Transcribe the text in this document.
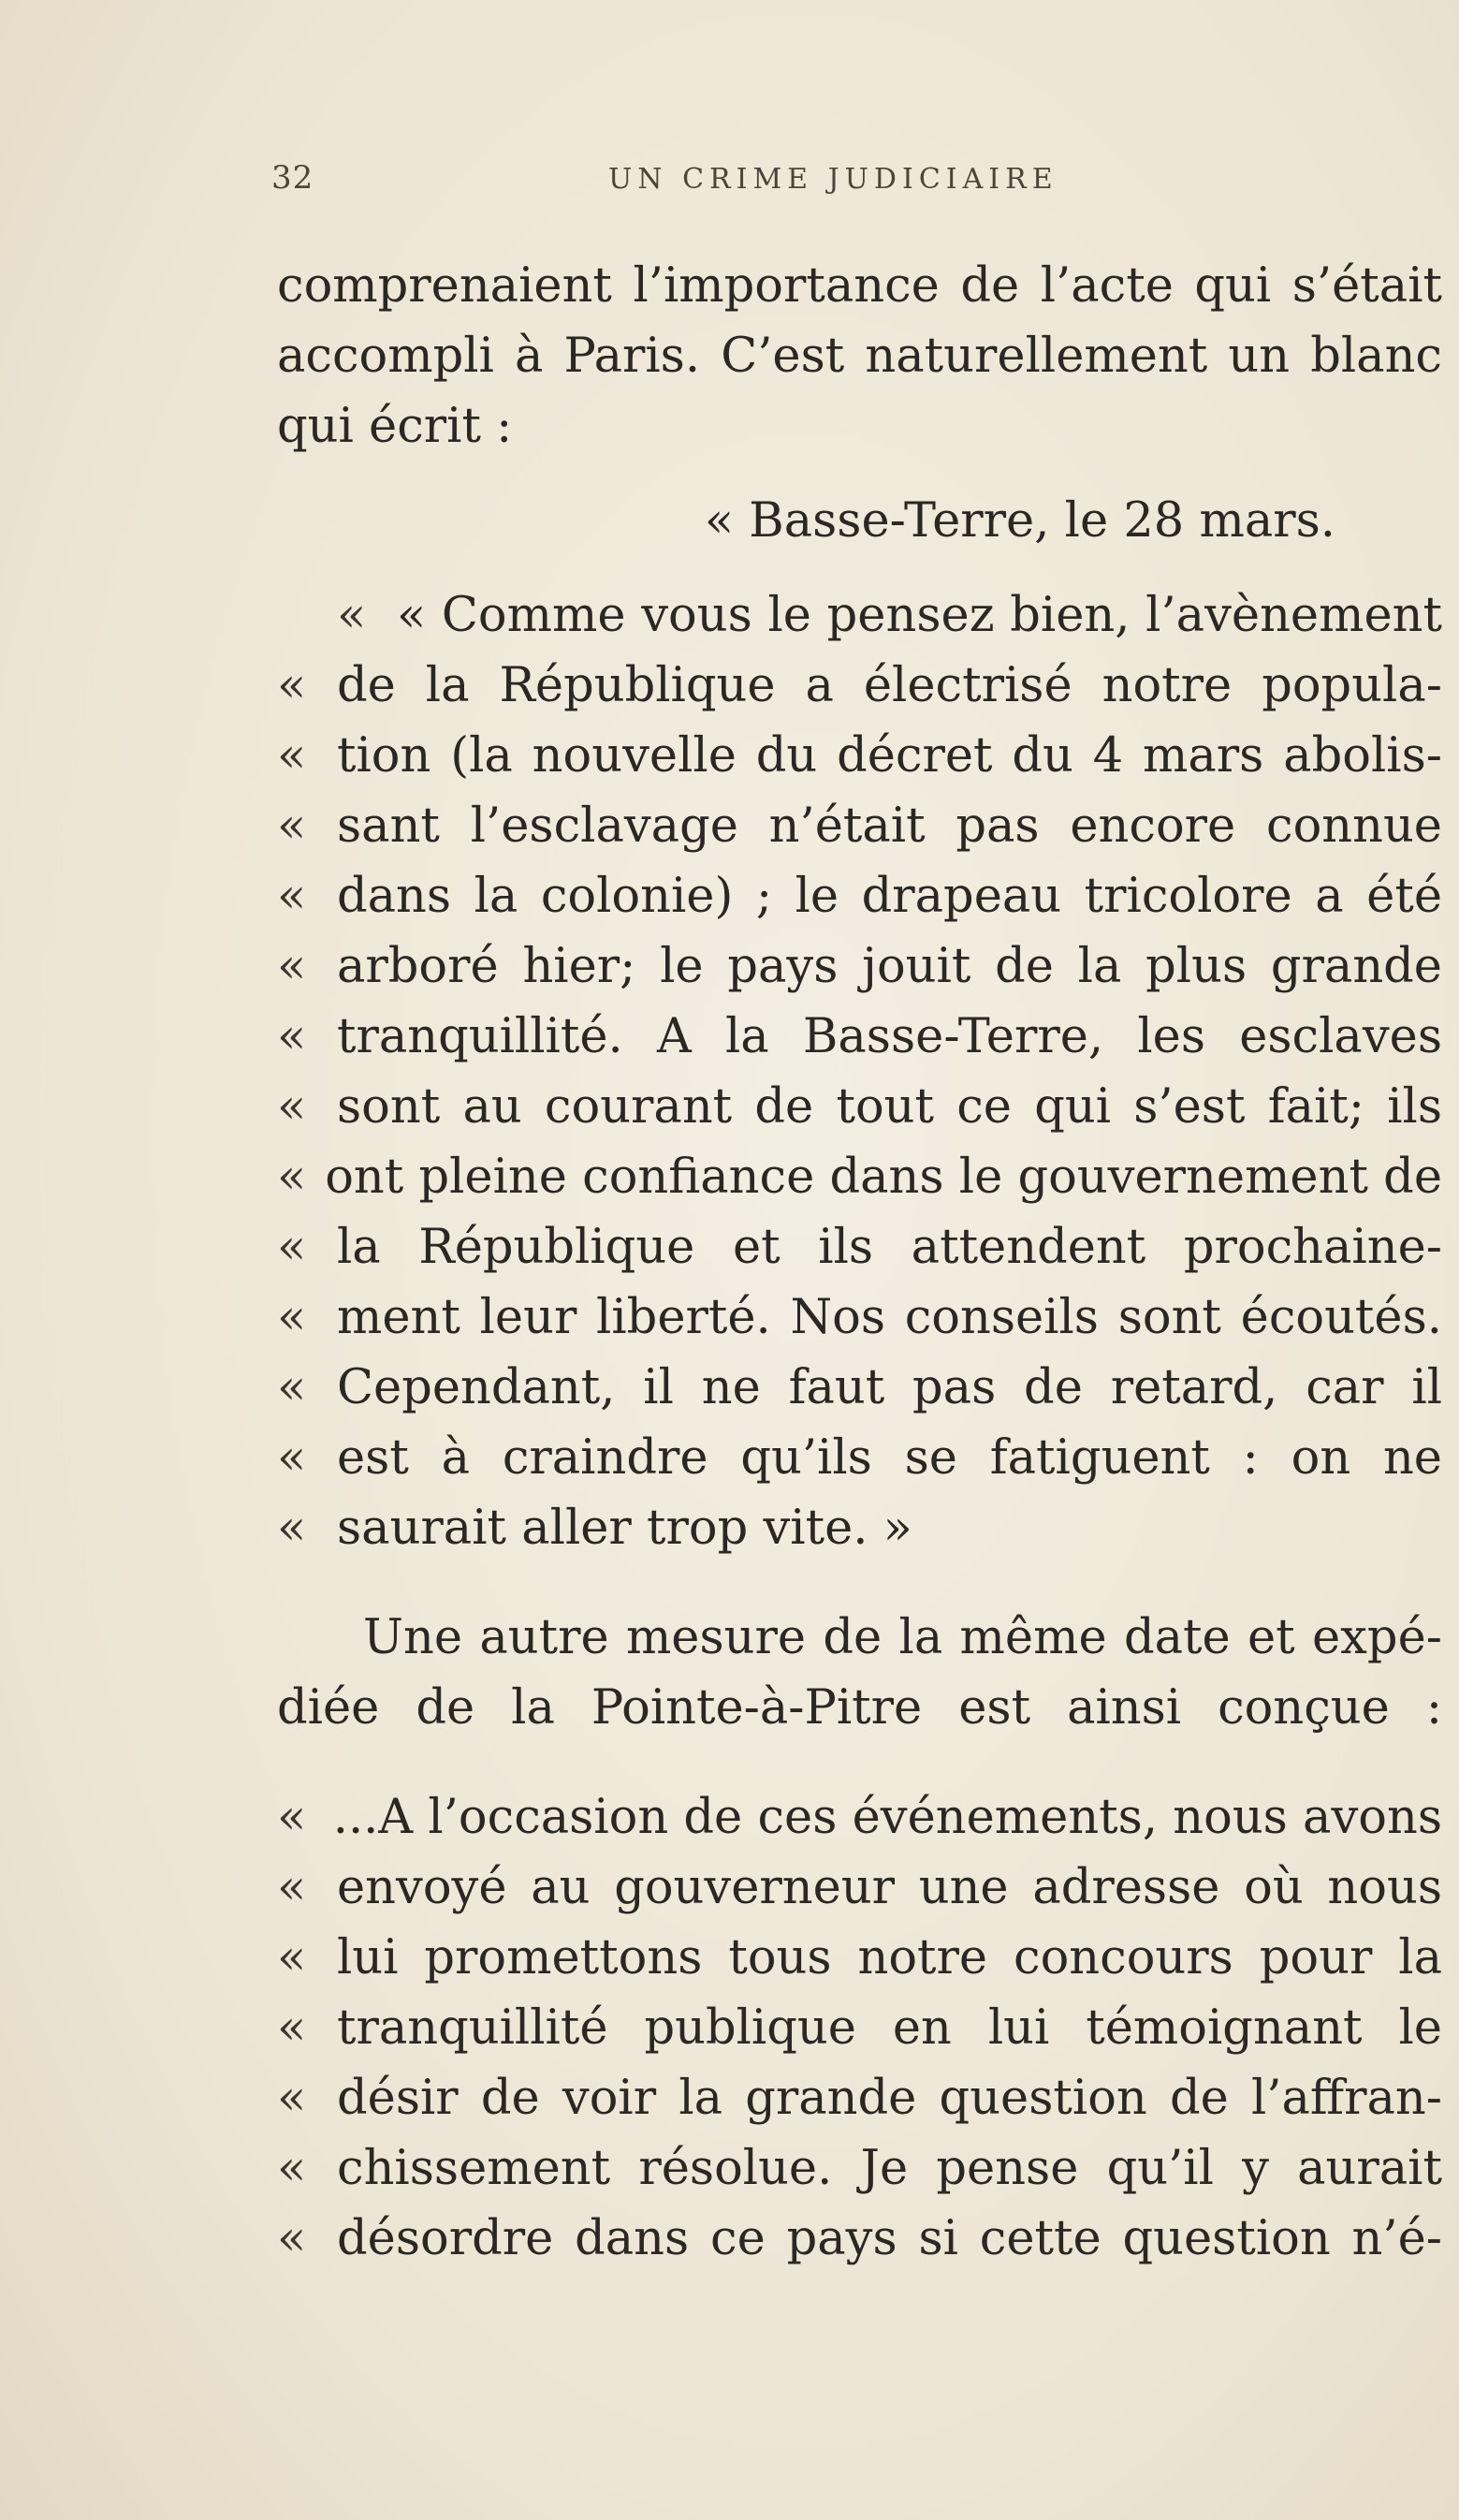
32	UN CRIME JUDICIAIRE
comprenaient l’importance de l’acte qui s’était
accompli à Paris. C’est naturellement un blanc
qui écrit :
« Basse-Terre, le 28 mars.
« « Comme vous le pensez bien, l’avènement
« de la République a électrisé notre popula-
« tion (la nouvelle du décret du 4 mars abolis-
« sant l’esclavage n’était pas encore connue
« dans la colonie) ; le drapeau tricolore a été
« arboré hier; le pays jouit de la plus grande
« tranquillité. A la Basse-Terre, les esclaves
« sont au courant de tout ce qui s’est fait; ils
« ont pleine confiance dans le gouvernement de
« la République et ils attendent prochaine-
« ment leur liberté. Nos conseils sont écoutés.
« Cependant, il ne faut pas de retard, car il
« est à craindre qu’ils se fatiguent : on ne
« saurait aller trop vite. »
Une autre mesure de la même date et expé-
diée de la Pointe-à-Pitre est ainsi conçue :
« ...A l’occasion de ces événements, nous avons
« envoyé au gouverneur une adresse où nous
« lui promettons tous notre concours pour la
« tranquillité publique en lui témoignant le
« désir de voir la grande question de l’affran-
« chissement résolue. Je pense qu’il y aurait
« désordre dans ce pays si cette question n’é-
